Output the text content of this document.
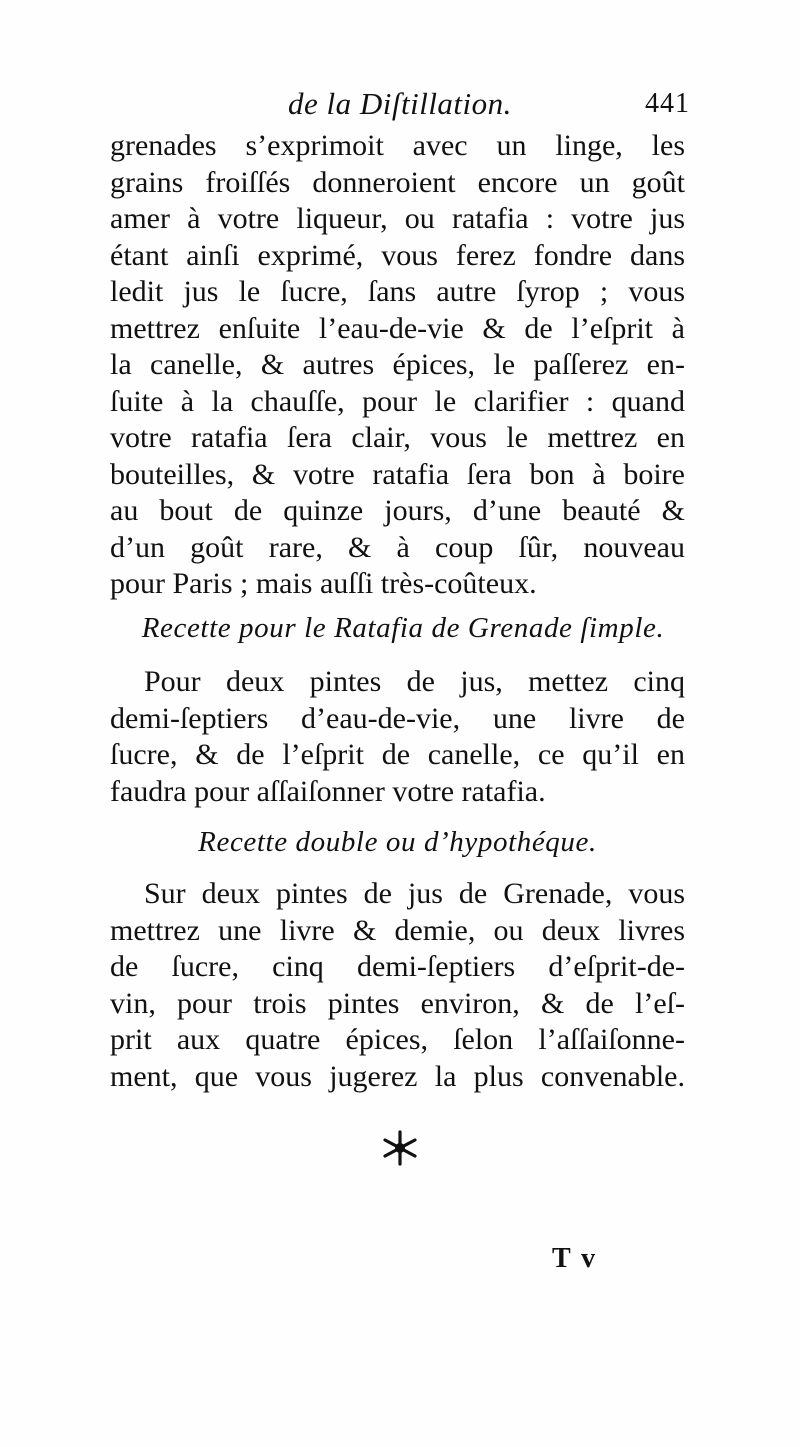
de la Diſtillation.	441
grenades s’exprimoit avec un linge, les
grains froiſſés donneroient encore un goût
amer à votre liqueur, ou ratafia : votre jus
étant ainſi exprimé, vous ferez fondre dans
ledit jus le ſucre, ſans autre ſyrop ; vous
mettrez enſuite l’eau-de-vie & de l’eſprit à
la canelle, & autres épices, le paſſerez en-
ſuite à la chauſſe, pour le clarifier : quand
votre ratafia ſera clair, vous le mettrez en
bouteilles, & votre ratafia ſera bon à boire
au bout de quinze jours, d’une beauté &
d’un goût rare, & à coup ſûr, nouveau
pour Paris ; mais auſſi très-coûteux.
Recette pour le Ratafia de Grenade ſimple.
Pour deux pintes de jus, mettez cinq
demi-ſeptiers d’eau-de-vie, une livre de
ſucre, & de l’eſprit de canelle, ce qu’il en
faudra pour aſſaiſonner votre ratafia.
Recette double ou d’hypothéque.
Sur deux pintes de jus de Grenade, vous
mettrez une livre & demie, ou deux livres
de ſucre, cinq demi-ſeptiers d’eſprit-de-
vin, pour trois pintes environ, & de l’eſ-
prit aux quatre épices, ſelon l’aſſaiſonne-
ment, que vous jugerez la plus convenable.
T v
